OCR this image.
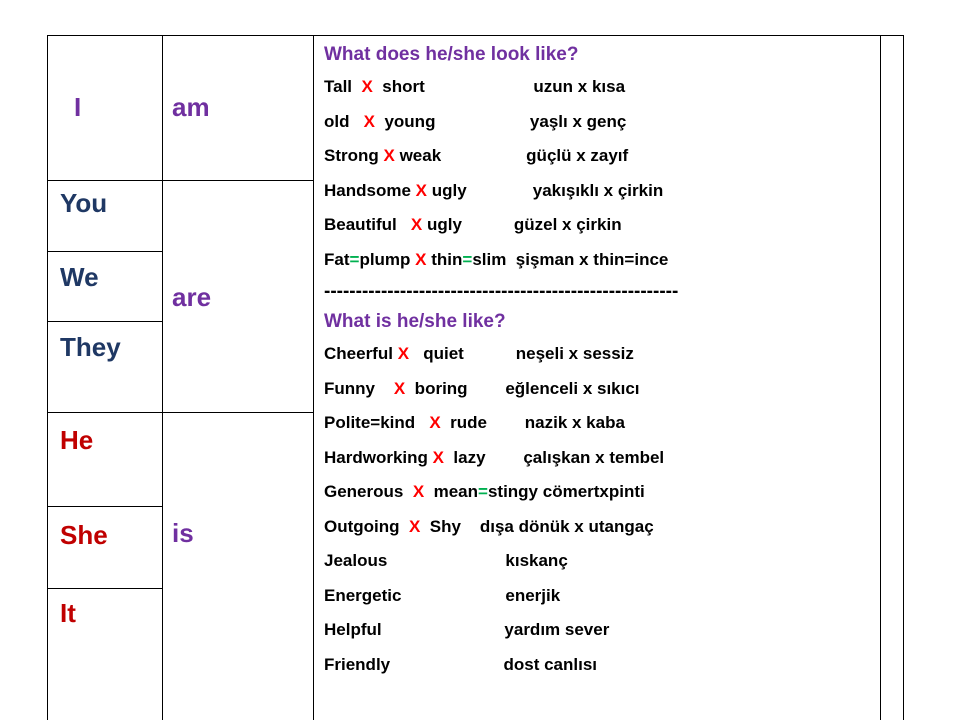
I
You
We
They
He
She
It
am
are
is
What does he/she look like?
Tall  X  short                       uzun x kısa
old   X  young                    yaşlı x genç
Strong X weak                  güçlü x zayıf
Handsome X ugly              yakışıklı x çirkin
Beautiful   X ugly           güzel x çirkin
Fat=plump X thin=slim  şişman x thin=ince
--------------------------------------------------------
What is he/she like?
Cheerful X   quiet           neşeli x sessiz
Funny    X  boring        eğlenceli x sıkıcı
Polite=kind   X  rude        nazik x kaba
Hardworking X  lazy        çalışkan x tembel
Generous  X  mean=stingy cömertxpinti
Outgoing  X  Shy    dışa dönük x utangaç
Jealous                         kıskanç
Energetic                      enerjik
Helpful                          yardım sever
Friendly                        dost canlısı
